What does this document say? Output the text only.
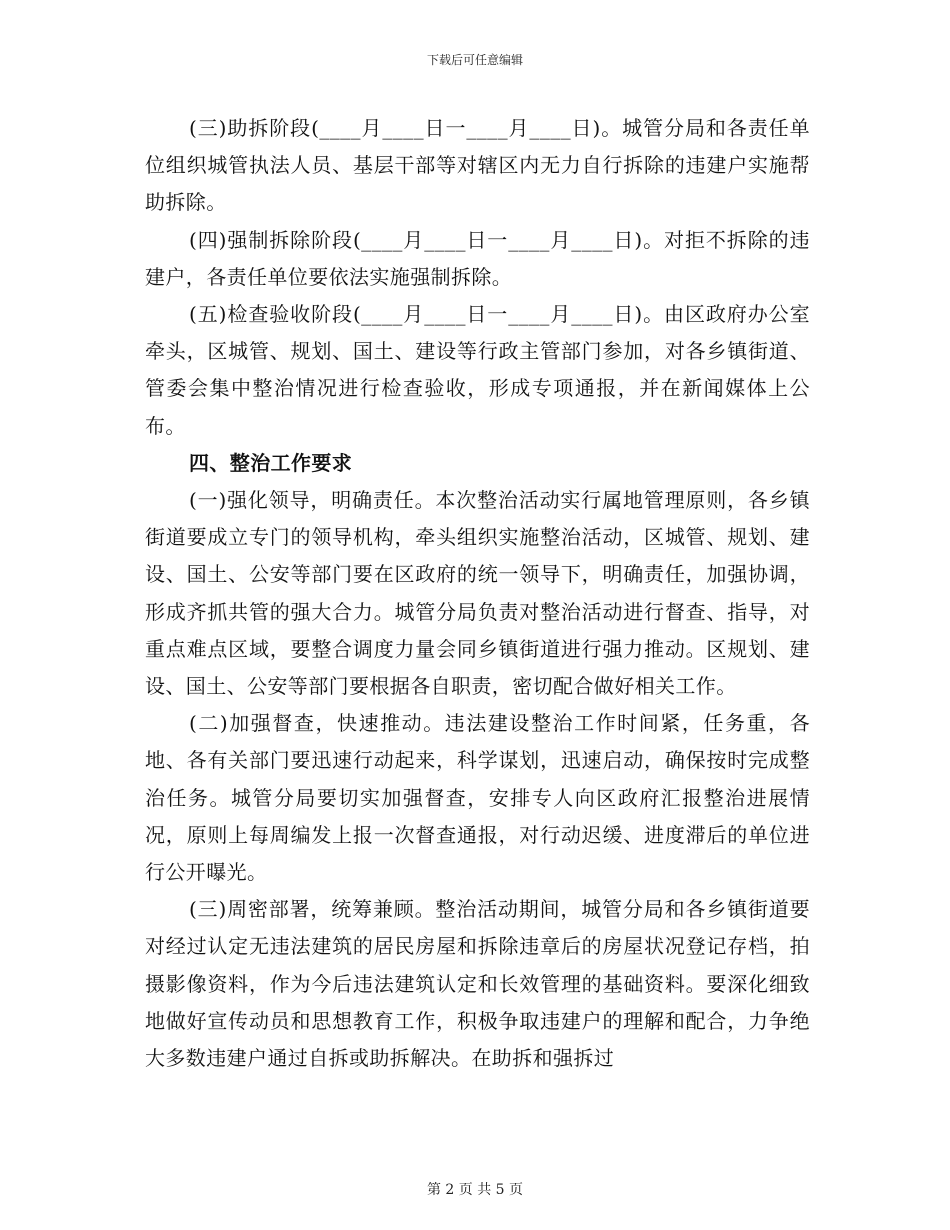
下载后可任意编辑

(三)助拆阶段(____月____日一____月____日)。城管分局和各责任单位组织城管执法人员、基层干部等对辖区内无力自行拆除的违建户实施帮助拆除。

(四)强制拆除阶段(____月____日一____月____日)。对拒不拆除的违建户，各责任单位要依法实施强制拆除。

(五)检查验收阶段(____月____日一____月____日)。由区政府办公室牵头，区城管、规划、国土、建设等行政主管部门参加，对各乡镇街道、管委会集中整治情况进行检查验收，形成专项通报，并在新闻媒体上公布。

四、整治工作要求

(一)强化领导，明确责任。本次整治活动实行属地管理原则，各乡镇街道要成立专门的领导机构，牵头组织实施整治活动，区城管、规划、建设、国土、公安等部门要在区政府的统一领导下，明确责任，加强协调，形成齐抓共管的强大合力。城管分局负责对整治活动进行督查、指导，对重点难点区域，要整合调度力量会同乡镇街道进行强力推动。区规划、建设、国土、公安等部门要根据各自职责，密切配合做好相关工作。

(二)加强督查，快速推动。违法建设整治工作时间紧，任务重，各地、各有关部门要迅速行动起来，科学谋划，迅速启动，确保按时完成整治任务。城管分局要切实加强督查，安排专人向区政府汇报整治进展情况，原则上每周编发上报一次督查通报，对行动迟缓、进度滞后的单位进行公开曝光。

(三)周密部署，统筹兼顾。整治活动期间，城管分局和各乡镇街道要对经过认定无违法建筑的居民房屋和拆除违章后的房屋状况登记存档，拍摄影像资料，作为今后违法建筑认定和长效管理的基础资料。要深化细致地做好宣传动员和思想教育工作，积极争取违建户的理解和配合，力争绝大多数违建户通过自拆或助拆解决。在助拆和强拆过

第 2 页 共 5 页
